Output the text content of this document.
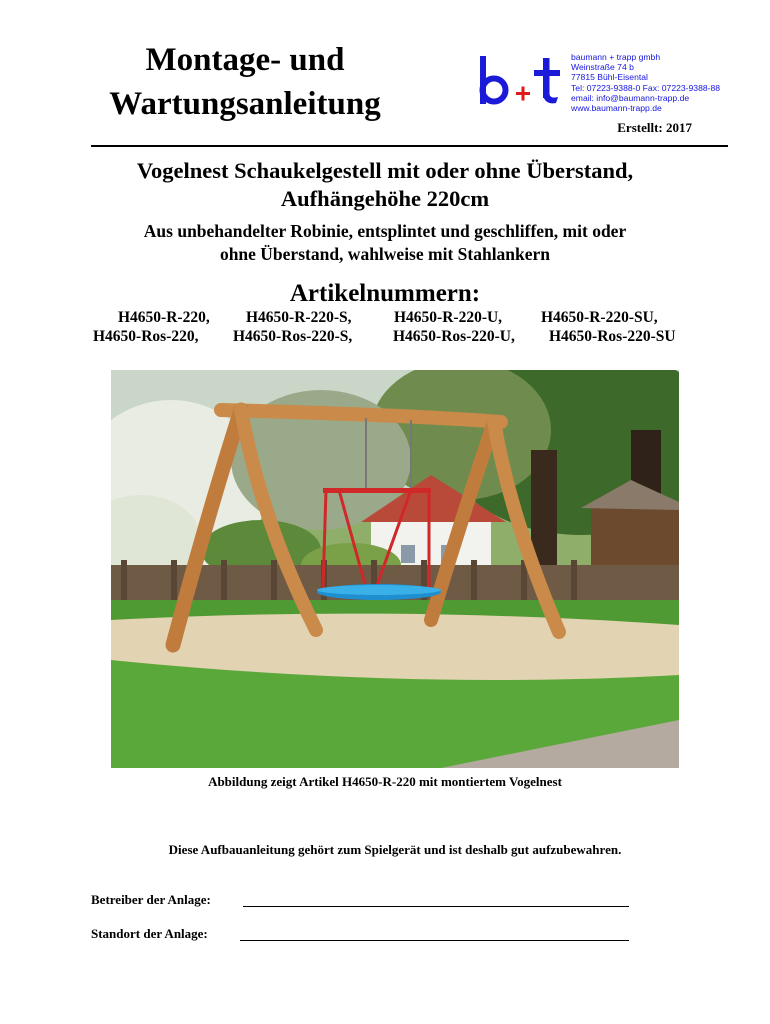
Montage- und
Wartungsanleitung
baumann + trapp gmbh
Weinstraße 74 b
77815 Bühl-Eisental
Tel: 07223-9388-0 Fax: 07223-9388-88
email: info@baumann-trapp.de
www.baumann-trapp.de
Erstellt: 2017
Vogelnest Schaukelgestell mit oder ohne Überstand,
Aufhängehöhe 220cm

Aus unbehandelter Robinie, entsplintet und geschliffen, mit oder
ohne Überstand, wahlweise mit Stahlankern

Artikelnummern:
H4650-R-220, H4650-R-220-S,	H4650-R-220-U,	H4650-R-220-SU,
H4650-Ros-220, H4650-Ros-220-S,	H4650-Ros-220-U, H4650-Ros-220-SU
Abbildung zeigt Artikel H4650-R-220 mit montiertem Vogelnest
Diese Aufbauanleitung gehört zum Spielgerät und ist deshalb gut aufzubewahren.
Betreiber der Anlage:
Standort der Anlage:
